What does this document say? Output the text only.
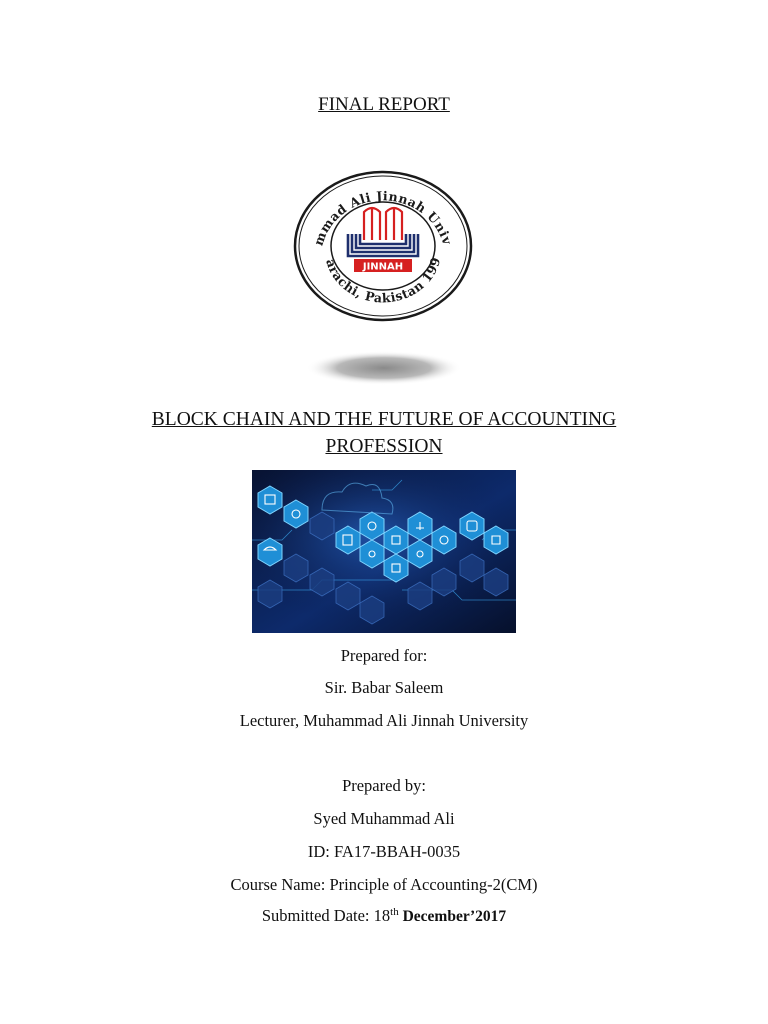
FINAL REPORT
mmad Ali Jinnah Univ
arachi, Pakistan 199
JINNAH
BLOCK CHAIN AND THE FUTURE OF ACCOUNTING
PROFESSION
Prepared for:
Sir. Babar Saleem
Lecturer, Muhammad Ali Jinnah University
Prepared by:
Syed Muhammad Ali
ID: FA17-BBAH-0035
Course Name: Principle of Accounting-2(CM)
Submitted Date: 18th December’2017
